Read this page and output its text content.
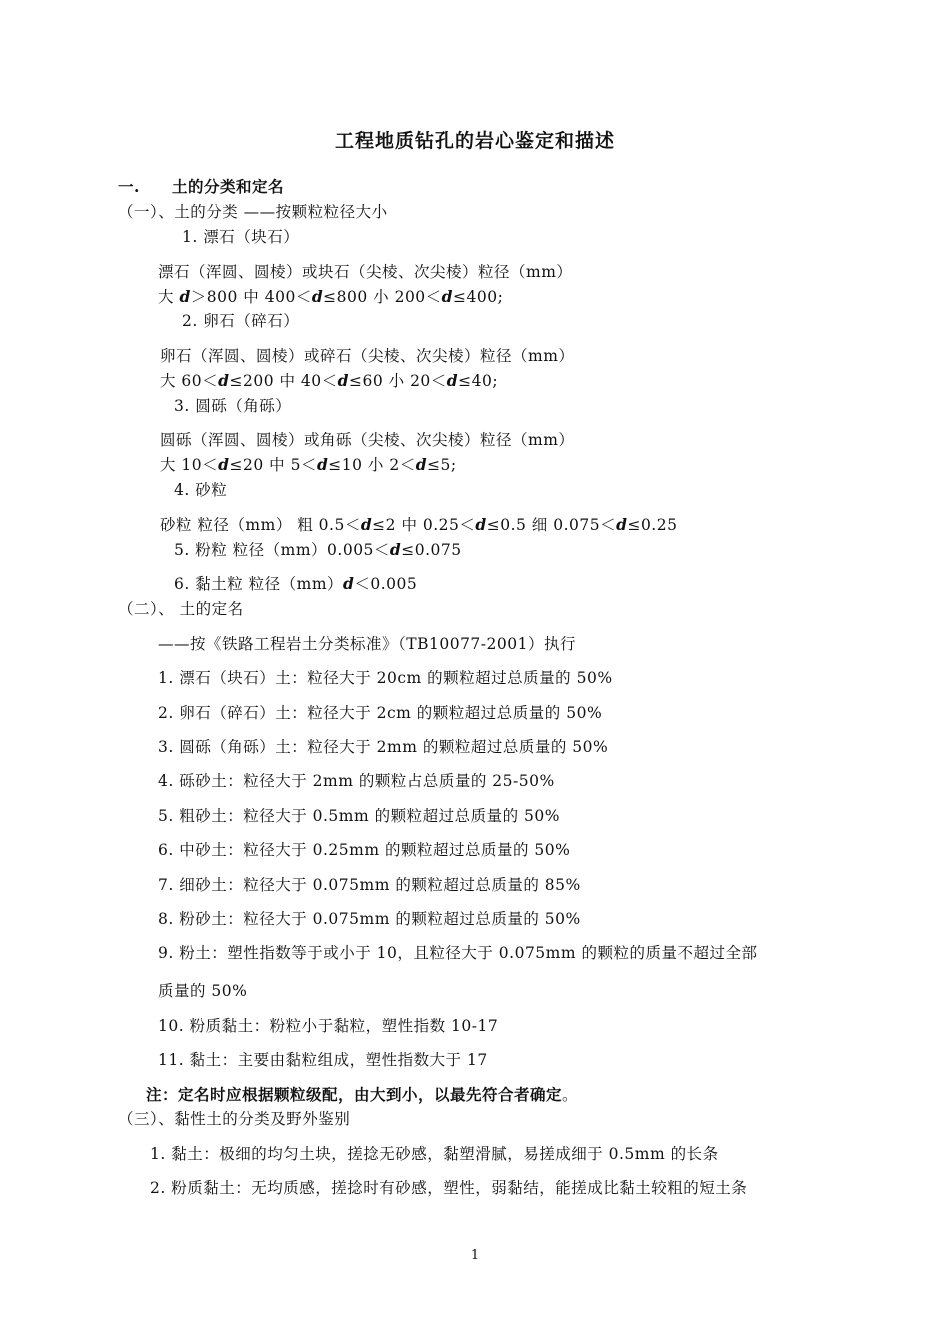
工程地质钻孔的岩心鉴定和描述
一. 土的分类和定名
（一）、土的分类 ——按颗粒粒径大小
1. 漂石（块石）
漂石（浑圆、圆棱）或块石（尖棱、次尖棱）粒径（mm）
大 d＞800 中 400＜d≤800 小 200＜d≤400;
2. 卵石（碎石）
卵石（浑圆、圆棱）或碎石（尖棱、次尖棱）粒径（mm）
大 60＜d≤200 中 40＜d≤60 小 20＜d≤40;
3. 圆砾（角砾）
圆砾（浑圆、圆棱）或角砾（尖棱、次尖棱）粒径（mm）
大 10＜d≤20 中 5＜d≤10 小 2＜d≤5;
4. 砂粒
砂粒 粒径（mm） 粗 0.5＜d≤2 中 0.25＜d≤0.5 细 0.075＜d≤0.25
5. 粉粒 粒径（mm）0.005＜d≤0.075
6. 黏土粒 粒径（mm）d＜0.005
（二）、 土的定名
——按《铁路工程岩土分类标准》（TB10077-2001）执行
1. 漂石（块石）土：粒径大于 20cm 的颗粒超过总质量的 50%
2. 卵石（碎石）土：粒径大于 2cm 的颗粒超过总质量的 50%
3. 圆砾（角砾）土：粒径大于 2mm 的颗粒超过总质量的 50%
4. 砾砂土：粒径大于 2mm 的颗粒占总质量的 25-50%
5. 粗砂土：粒径大于 0.5mm 的颗粒超过总质量的 50%
6. 中砂土：粒径大于 0.25mm 的颗粒超过总质量的 50%
7. 细砂土：粒径大于 0.075mm 的颗粒超过总质量的 85%
8. 粉砂土：粒径大于 0.075mm 的颗粒超过总质量的 50%
9. 粉土：塑性指数等于或小于 10，且粒径大于 0.075mm 的颗粒的质量不超过全部
质量的 50%
10. 粉质黏土：粉粒小于黏粒，塑性指数 10-17
11. 黏土：主要由黏粒组成，塑性指数大于 17
注：定名时应根据颗粒级配，由大到小，以最先符合者确定。
（三）、黏性土的分类及野外鉴别
1. 黏土：极细的均匀土块，搓捻无砂感，黏塑滑腻，易搓成细于 0.5mm 的长条
2. 粉质黏土：无均质感，搓捻时有砂感，塑性，弱黏结，能搓成比黏土较粗的短土条
1
